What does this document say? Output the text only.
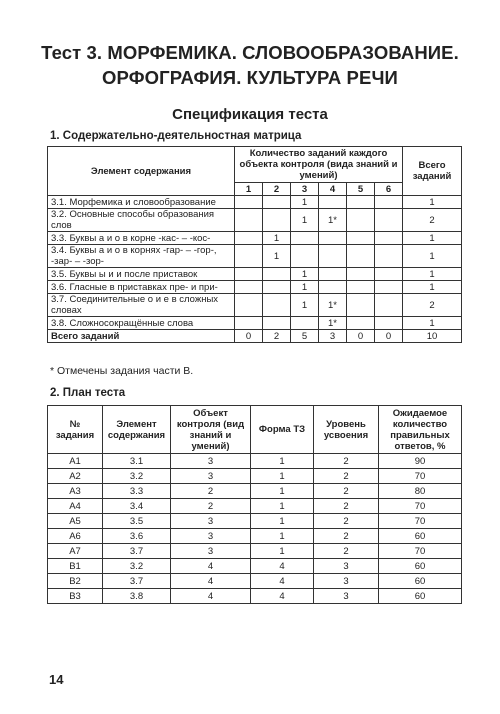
Тест 3. МОРФЕМИКА. СЛОВООБРАЗОВАНИЕ.
ОРФОГРАФИЯ. КУЛЬТУРА РЕЧИ
Спецификация теста
1. Содержательно-деятельностная матрица
Элемент содержания	Количество заданий каждого объекта контроля (вида знаний и умений)						Всего заданий
	1	2	3	4	5	6	
3.1. Морфемика и словообразование			1				1
3.2. Основные способы образования слов			1	1*			2
3.3. Буквы а и о в корне -кас- – -кос-		1					1
3.4. Буквы а и о в корнях -гар- – -гор-, -зар- – -зор-		1					1
3.5. Буквы ы и и после приставок			1				1
3.6. Гласные в приставках пре- и при-			1				1
3.7. Соединительные о и е в сложных словах			1	1*			2
3.8. Сложносокращённые слова				1*			1
Всего заданий	0	2	5	3	0	0	10
* Отмечены задания части В.
2. План теста
№ задания	Элемент содержания	Объект контроля (вид знаний и умений)	Форма ТЗ	Уровень усвоения	Ожидаемое количество правильных ответов, %
А1	3.1	3	1	2	90
А2	3.2	3	1	2	70
А3	3.3	2	1	2	80
А4	3.4	2	1	2	70
А5	3.5	3	1	2	70
А6	3.6	3	1	2	60
А7	3.7	3	1	2	70
В1	3.2	4	4	3	60
В2	3.7	4	4	3	60
В3	3.8	4	4	3	60
14
